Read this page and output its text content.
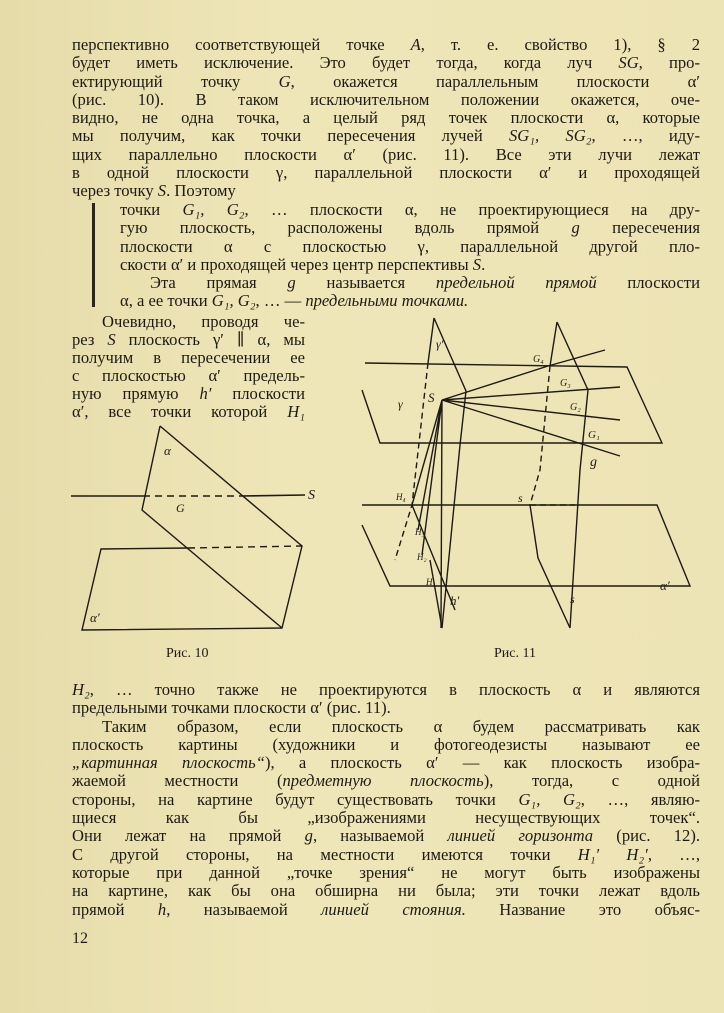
перспективно соответствующей точке A, т. е. свойство 1), § 2
будет иметь исключение. Это будет тогда, когда луч SG, про-
ектирующий точку G, окажется параллельным плоскости α′
(рис. 10). В таком исключительном положении окажется, оче-
видно, не одна точка, а целый ряд точек плоскости α, которые
мы получим, как точки пересечения лучей SG₁, SG₂, …, иду-
щих параллельно плоскости α′ (рис. 11). Все эти лучи лежат
в одной плоскости γ, параллельной плоскости α′ и проходящей
через точку S. Поэтому
точки G₁, G₂, … плоскости α, не проектирующиеся на дру-
гую плоскость, расположены вдоль прямой g пересечения
плоскости α с плоскостью γ, параллельной другой пло-
скости α′ и проходящей через центр перспективы S.
Эта прямая g называется предельной прямой плоскости
α, а ее точки G₁, G₂, … — предельными точками.
Очевидно, проводя че-
рез S плоскость γ′ ∥ α, мы
получим в пересечении ее
с плоскостью α′ предель-
ную прямую h′ плоскости
α′, все точки которой H₁
H₂, … точно также не проектируются в плоскость α и являются
предельными точками плоскости α′ (рис. 11).
Таким образом, если плоскость α будем рассматривать как
плоскость картины (художники и фотогеодезисты называют ее
„картинная плоскость“), а плоскость α′ — как плоскость изобра-
жаемой местности (предметную плоскость), тогда, с одной
стороны, на картине будут существовать точки G₁, G₂, …, являю-
щиеся как бы „изображениями несуществующих точек“.
Они лежат на прямой g, называемой линией горизонта (рис. 12).
С другой стороны, на местности имеются точки H₁′ H₂′, …,
которые при данной „точке зрения“ не могут быть изображены
на картине, как бы она обширна ни была; эти точки лежат вдоль
прямой h, называемой линией стояния. Название это объяс-
α
α′
S
G
γ
γ′
S
G₄
G₃
G₂
G₁
g
H₄
H₃
H₂
H₁
h′
s
s
α′
Рис. 10	Рис. 11
12
